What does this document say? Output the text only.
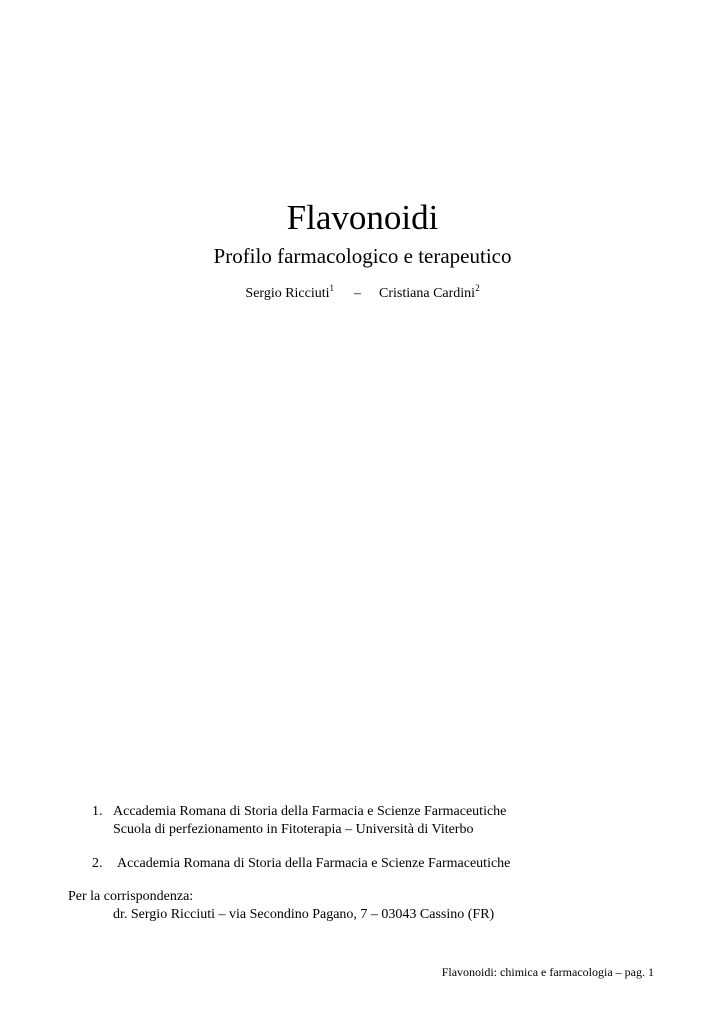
Flavonoidi
Profilo farmacologico e terapeutico
Sergio Ricciuti$^1$ – Cristiana Cardini$^2$
1. Accademia Romana di Storia della Farmacia e Scienze Farmaceutiche
Scuola di perfezionamento in Fitoterapia – Università di Viterbo
2. Accademia Romana di Storia della Farmacia e Scienze Farmaceutiche
Per la corrispondenza:
dr. Sergio Ricciuti – via Secondino Pagano, 7 – 03043 Cassino (FR)
Flavonoidi: chimica e farmacologia – pag. 1
